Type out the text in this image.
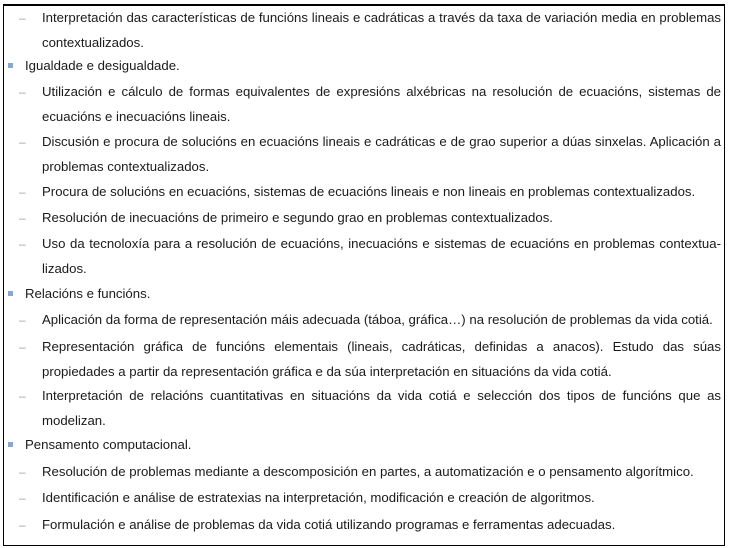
– Interpretación das características de funcións lineais e cadráticas a través da taxa de variación media en problemas contextualizados.
Igualdade e desigualdade.
– Utilización e cálculo de formas equivalentes de expresións alxébricas na resolución de ecuacións, sistemas de ecuacións e inecuacións lineais.
– Discusión e procura de solucións en ecuacións lineais e cadráticas e de grao superior a dúas sinxelas. Aplicación a problemas contextualizados.
– Procura de solucións en ecuacións, sistemas de ecuacións lineais e non lineais en problemas contextualizados.
– Resolución de inecuacións de primeiro e segundo grao en problemas contextualizados.
– Uso da tecnoloxía para a resolución de ecuacións, inecuacións e sistemas de ecuacións en problemas contextua-lizados.
Relacións e funcións.
– Aplicación da forma de representación máis adecuada (táboa, gráfica…) na resolución de problemas da vida cotiá.
– Representación gráfica de funcións elementais (lineais, cadráticas, definidas a anacos). Estudo das súas propiedades a partir da representación gráfica e da súa interpretación en situacións da vida cotiá.
– Interpretación de relacións cuantitativas en situacións da vida cotiá e selección dos tipos de funcións que as modelizan.
Pensamento computacional.
– Resolución de problemas mediante a descomposición en partes, a automatización e o pensamento algorítmico.
– Identificación e análise de estratexias na interpretación, modificación e creación de algoritmos.
– Formulación e análise de problemas da vida cotiá utilizando programas e ferramentas adecuadas.
